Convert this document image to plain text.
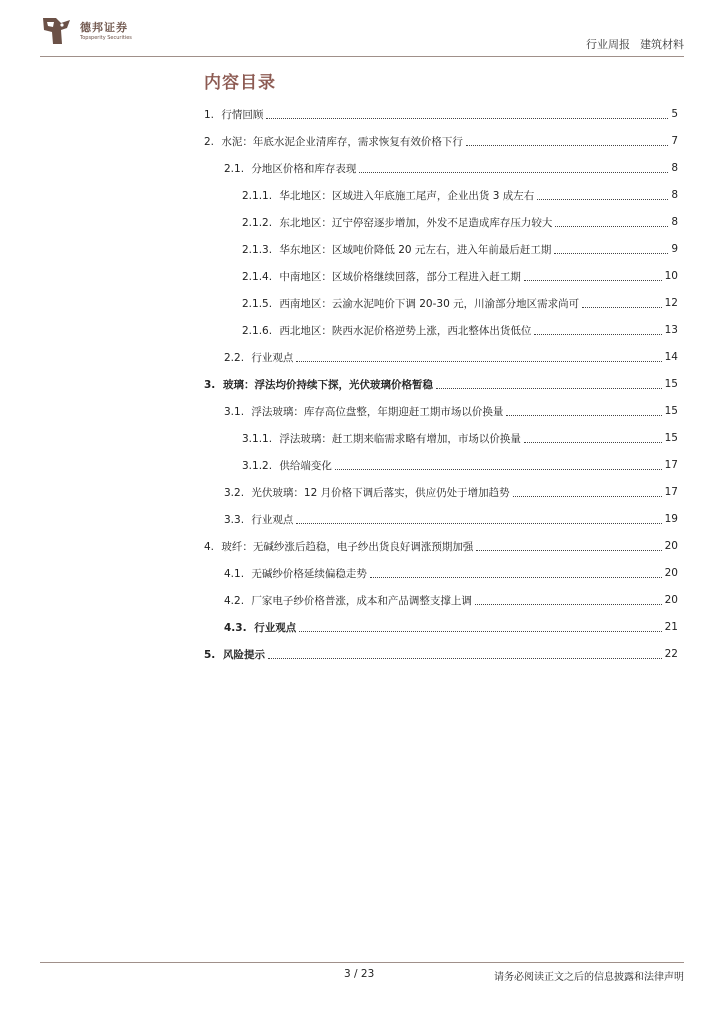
德邦证券
Topsperity Securities	行业周报 建筑材料
内容目录
1. 行情回顾	5
2. 水泥：年底水泥企业清库存，需求恢复有效价格下行	7
2.1. 分地区价格和库存表现	8
2.1.1. 华北地区：区域进入年底施工尾声，企业出货 3 成左右	8
2.1.2. 东北地区：辽宁停窑逐步增加，外发不足造成库存压力较大	8
2.1.3. 华东地区：区域吨价降低 20 元左右，进入年前最后赶工期	9
2.1.4. 中南地区：区域价格继续回落，部分工程进入赶工期	10
2.1.5. 西南地区：云渝水泥吨价下调 20-30 元，川渝部分地区需求尚可	12
2.1.6. 西北地区：陕西水泥价格逆势上涨，西北整体出货低位	13
2.2. 行业观点	14
3. 玻璃：浮法均价持续下探，光伏玻璃价格暂稳	15
3.1. 浮法玻璃：库存高位盘整，年期迎赶工期市场以价换量	15
3.1.1. 浮法玻璃：赶工期来临需求略有增加，市场以价换量	15
3.1.2. 供给端变化	17
3.2. 光伏玻璃：12 月价格下调后落实，供应仍处于增加趋势	17
3.3. 行业观点	19
4. 玻纤：无碱纱涨后趋稳，电子纱出货良好调涨预期加强	20
4.1. 无碱纱价格延续偏稳走势	20
4.2. 厂家电子纱价格普涨，成本和产品调整支撑上调	20
4.3. 行业观点	21
5. 风险提示	22
3 / 23	请务必阅读正文之后的信息披露和法律声明
